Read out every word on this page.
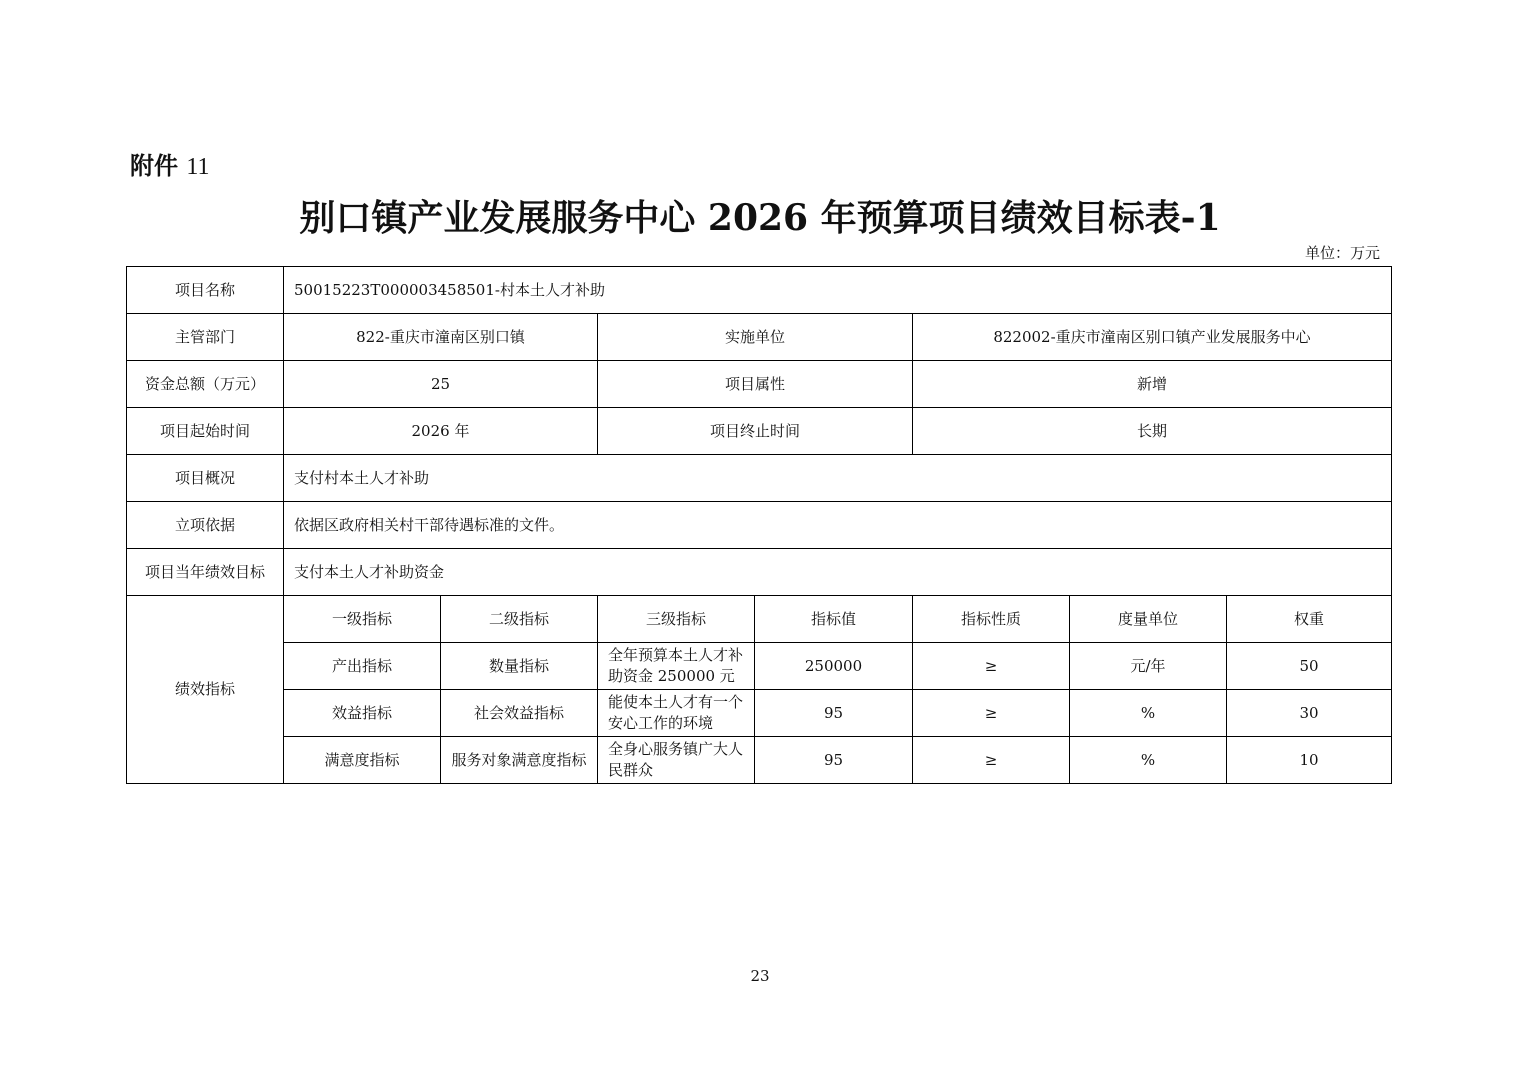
附件 11
别口镇产业发展服务中心 2026 年预算项目绩效目标表-1
单位：万元
项目名称	50015223T000003458501-村本土人才补助						
主管部门	822-重庆市潼南区别口镇		实施单位		822002-重庆市潼南区别口镇产业发展服务中心		
资金总额（万元）	25		项目属性		新增		
项目起始时间	2026 年		项目终止时间		长期		
项目概况	支付村本土人才补助						
立项依据	依据区政府相关村干部待遇标准的文件。						
项目当年绩效目标	支付本土人才补助资金						
绩效指标	一级指标	二级指标	三级指标	指标值	指标性质	度量单位	权重
	产出指标	数量指标	全年预算本土人才补助资金 250000 元	250000	≥	元/年	50
	效益指标	社会效益指标	能使本土人才有一个安心工作的环境	95	≥	%	30
	满意度指标	服务对象满意度指标	全身心服务镇广大人民群众	95	≥	%	10
23
